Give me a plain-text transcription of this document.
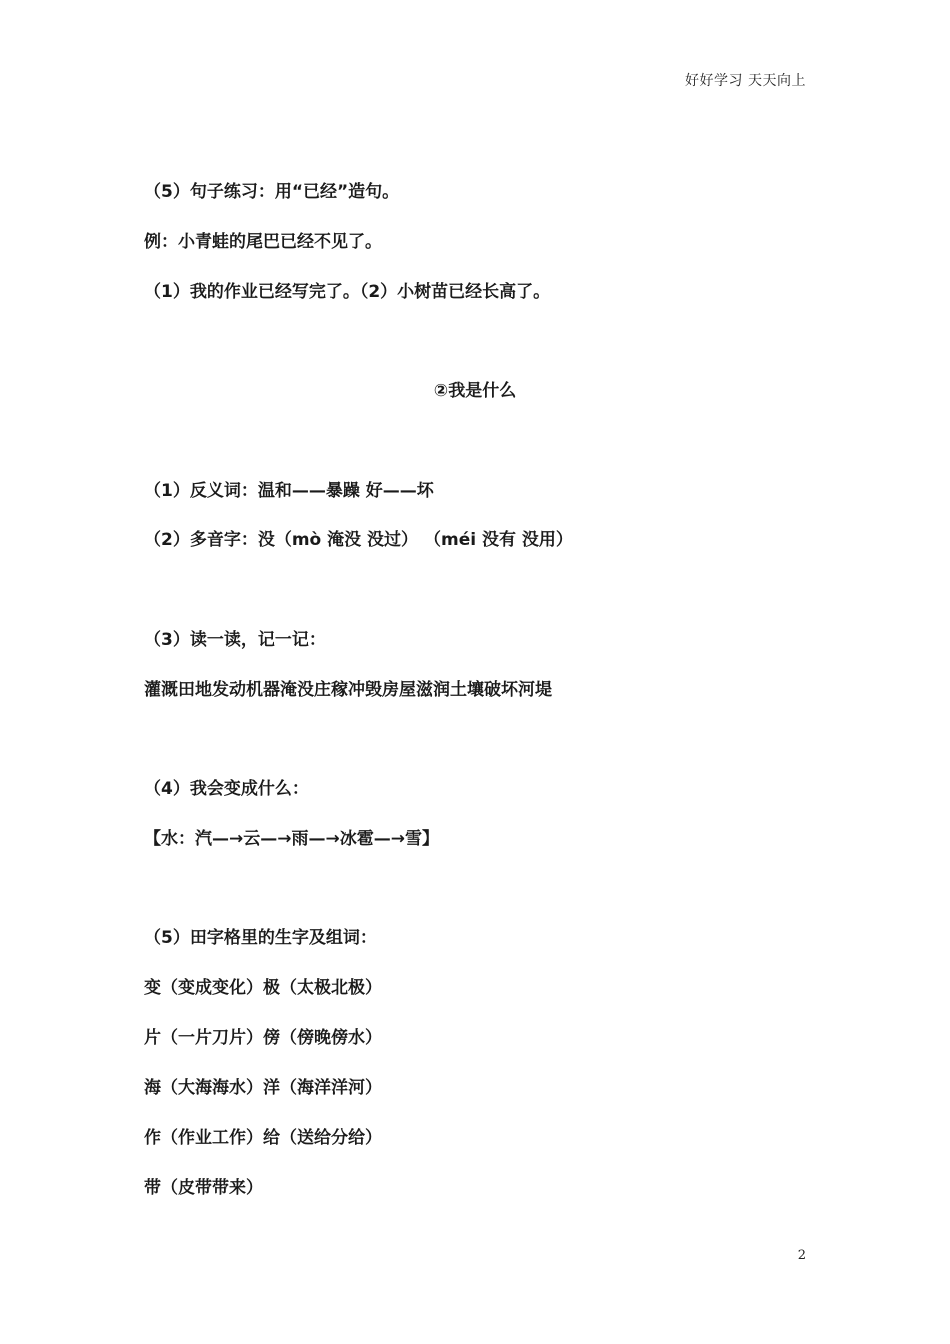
好好学习 天天向上
（5）句子练习：用“已经”造句。
例：小青蛙的尾巴已经不见了。
（1）我的作业已经写完了。（2）小树苗已经长高了。
②我是什么
（1）反义词：温和——暴躁 好——坏
（2）多音字：没（mò 淹没 没过） （méi 没有 没用）
（3）读一读，记一记：
灌溉田地发动机器淹没庄稼冲毁房屋滋润土壤破坏河堤
（4）我会变成什么：
【水：汽—→云—→雨—→冰雹—→雪】
（5）田字格里的生字及组词：
变（变成变化）极（太极北极）
片（一片刀片）傍（傍晚傍水）
海（大海海水）洋（海洋洋河）
作（作业工作）给（送给分给）
带（皮带带来）
2
